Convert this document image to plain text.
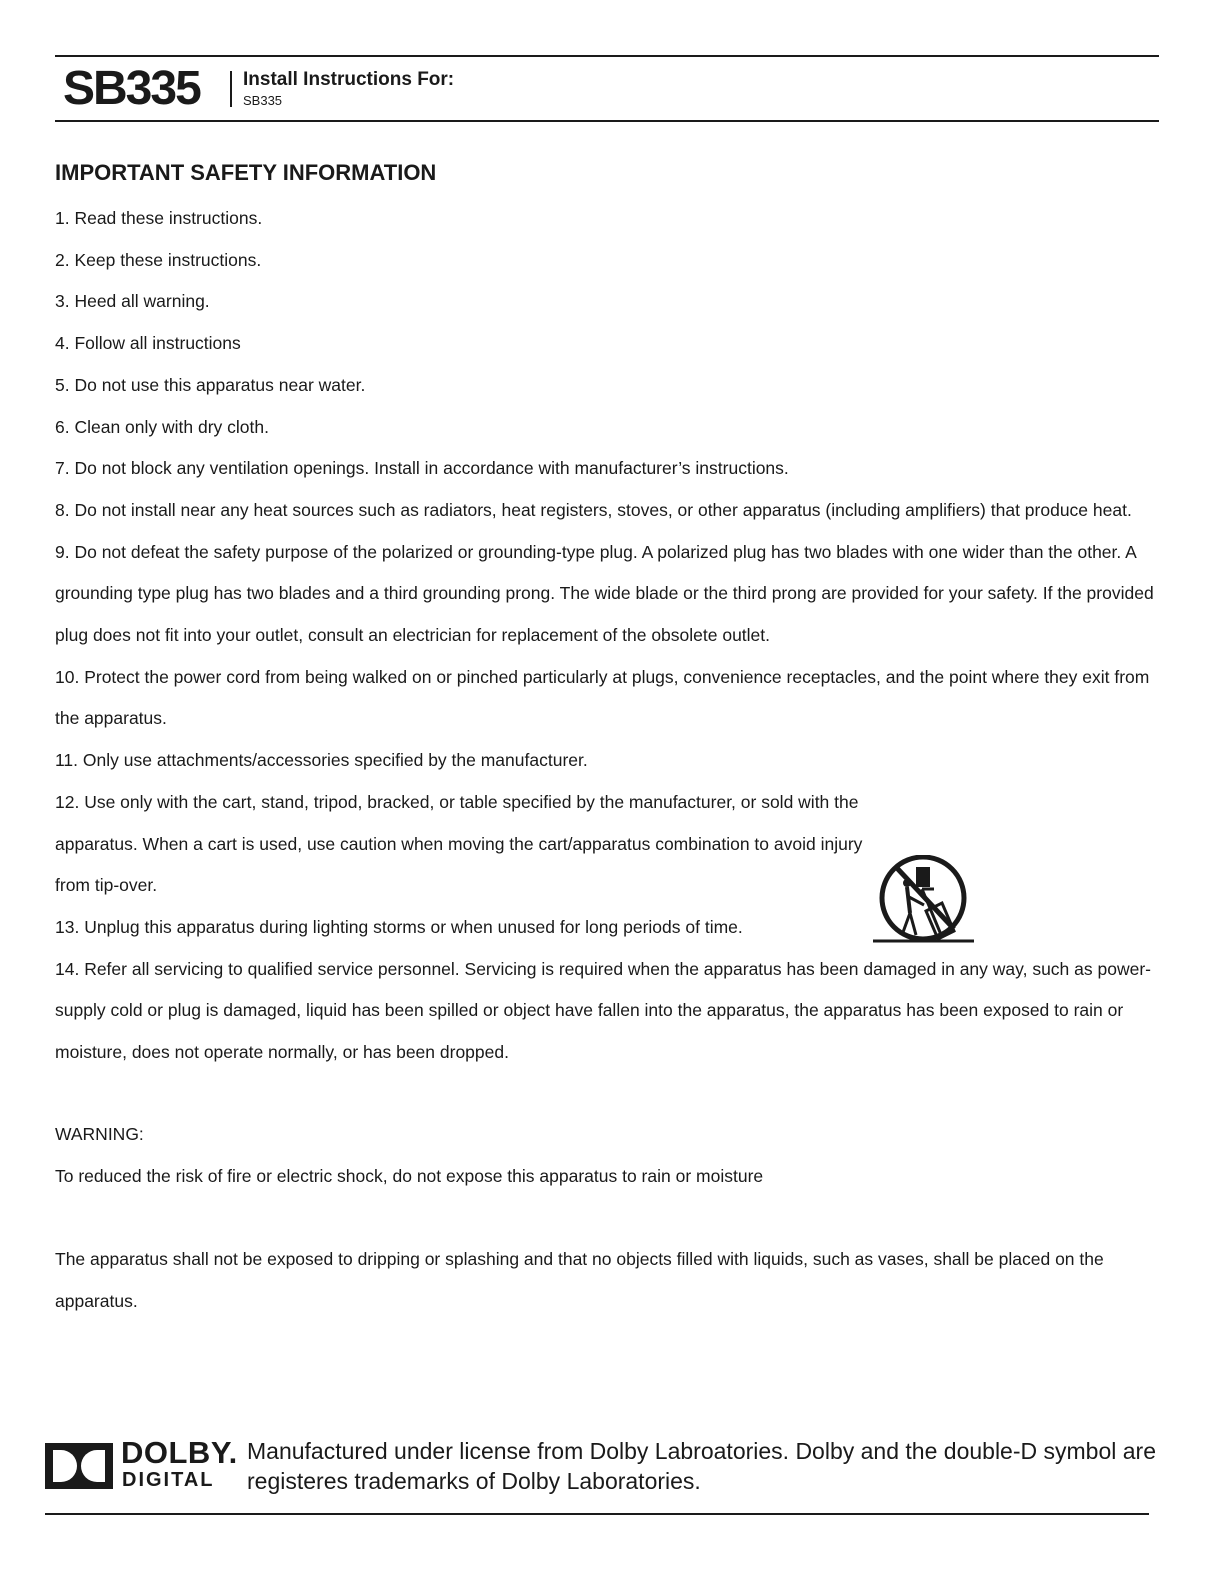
SB335 Install Instructions For:
SB335
IMPORTANT SAFETY INFORMATION

1. Read these instructions.

2. Keep these instructions.

3. Heed all warning.

4. Follow all instructions

5. Do not use this apparatus near water.

6. Clean only with dry cloth.

7. Do not block any ventilation openings. Install in accordance with manufacturer’s instructions.

8. Do not install near any heat sources such as radiators, heat registers, stoves, or other apparatus (including amplifiers) that produce heat.

9. Do not defeat the safety purpose of the polarized or grounding-type plug. A polarized plug has two blades with one wider than the other. A grounding type plug has two blades and a third grounding prong. The wide blade or the third prong are provided for your safety. If the provided plug does not fit into your outlet, consult an electrician for replacement of the obsolete outlet.

10. Protect the power cord from being walked on or pinched particularly at plugs, convenience receptacles, and the point where they exit from the apparatus.

11. Only use attachments/accessories specified by the manufacturer.

12. Use only with the cart, stand, tripod, bracked, or table specified by the manufacturer, or sold with the apparatus. When a cart is used, use caution when moving the cart/apparatus combination to avoid injury from tip-over.

13. Unplug this apparatus during lighting storms or when unused for long periods of time.

14. Refer all servicing to qualified service personnel. Servicing is required when the apparatus has been damaged in any way, such as power-supply cold or plug is damaged, liquid has been spilled or object have fallen into the apparatus, the apparatus has been exposed to rain or moisture, does not operate normally, or has been dropped.

WARNING:
To reduced the risk of fire or electric shock, do not expose this apparatus to rain or moisture
The apparatus shall not be exposed to dripping or splashing and that no objects filled with liquids, such as vases, shall be placed on the apparatus.
DOLBY.
DIGITAL
Manufactured under license from Dolby Labroatories. Dolby and the double-D symbol are registeres trademarks of Dolby Laboratories.
